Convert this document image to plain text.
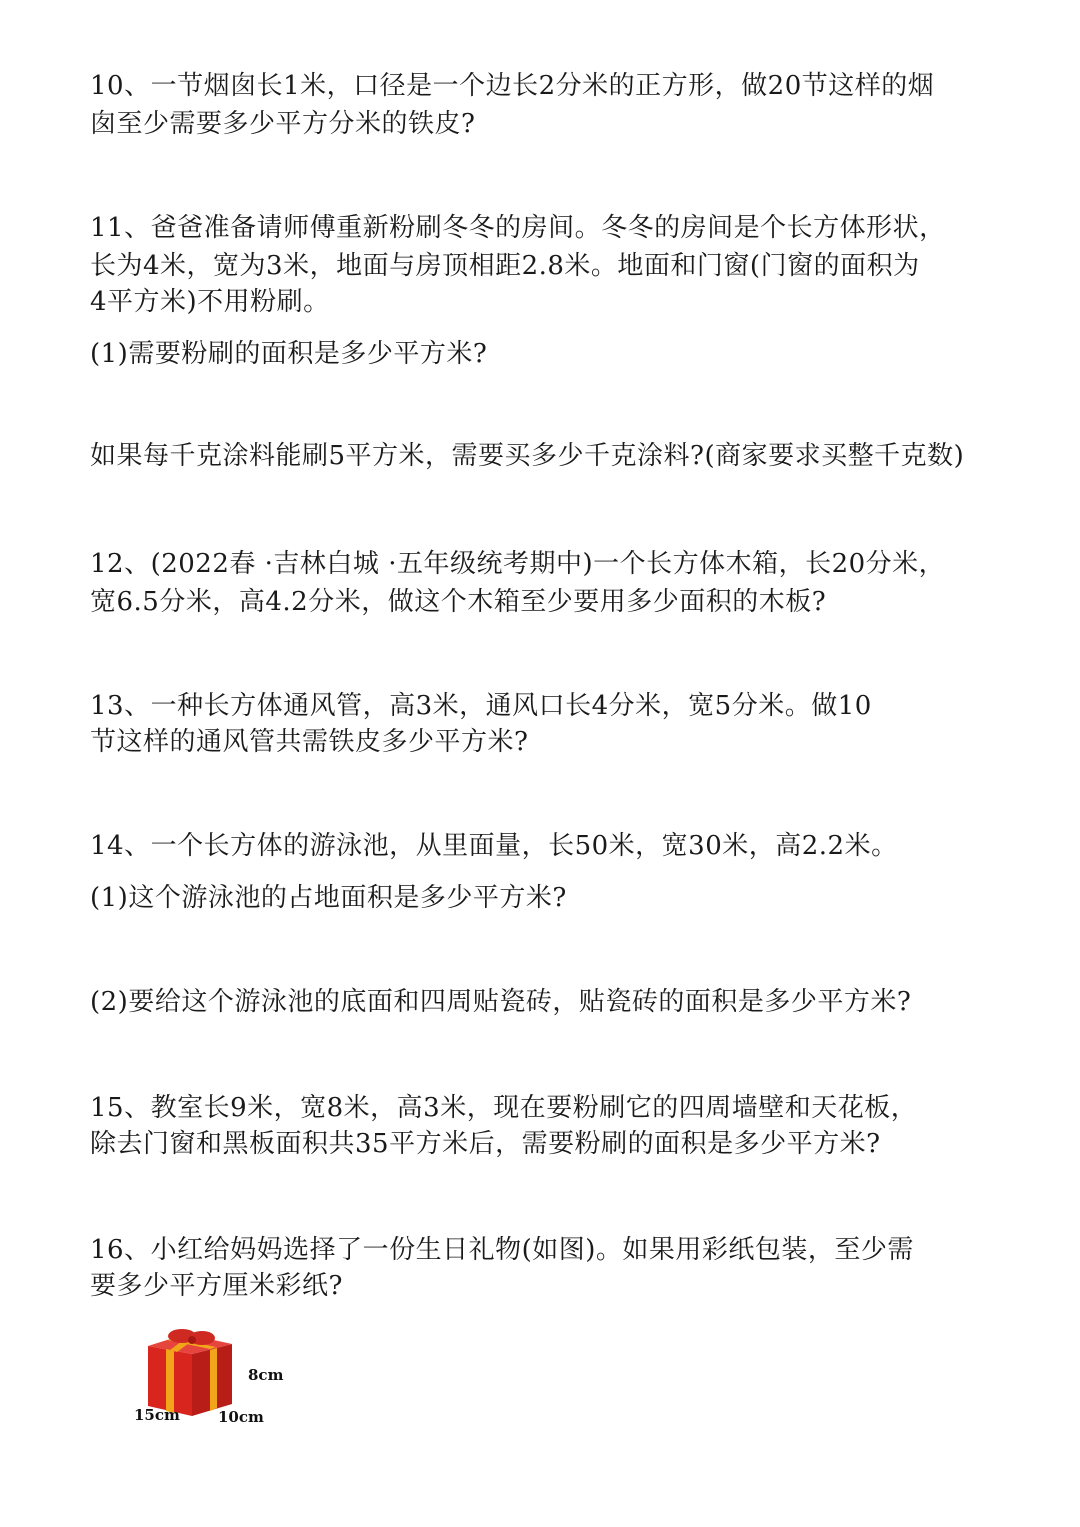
10、一节烟囱长1米，口径是一个边长2分米的正方形，做20节这样的烟
囱至少需要多少平方分米的铁皮?
11、爸爸准备请师傅重新粉刷冬冬的房间。冬冬的房间是个长方体形状，
长为4米，宽为3米，地面与房顶相距2.8米。地面和门窗(门窗的面积为
4平方米)不用粉刷。
(1)需要粉刷的面积是多少平方米?
如果每千克涂料能刷5平方米，需要买多少千克涂料?(商家要求买整千克数)
12、(2022春 ·吉林白城 ·五年级统考期中)一个长方体木箱，长20分米，
宽6.5分米，高4.2分米，做这个木箱至少要用多少面积的木板?
13、一种长方体通风管，高3米，通风口长4分米，宽5分米。做10
节这样的通风管共需铁皮多少平方米?
14、一个长方体的游泳池，从里面量，长50米，宽30米，高2.2米。
(1)这个游泳池的占地面积是多少平方米?
(2)要给这个游泳池的底面和四周贴瓷砖，贴瓷砖的面积是多少平方米?
15、教室长9米，宽8米，高3米，现在要粉刷它的四周墙壁和天花板，
除去门窗和黑板面积共35平方米后，需要粉刷的面积是多少平方米?
16、小红给妈妈选择了一份生日礼物(如图)。如果用彩纸包装，至少需
要多少平方厘米彩纸?
8cm
15cm	10cm
